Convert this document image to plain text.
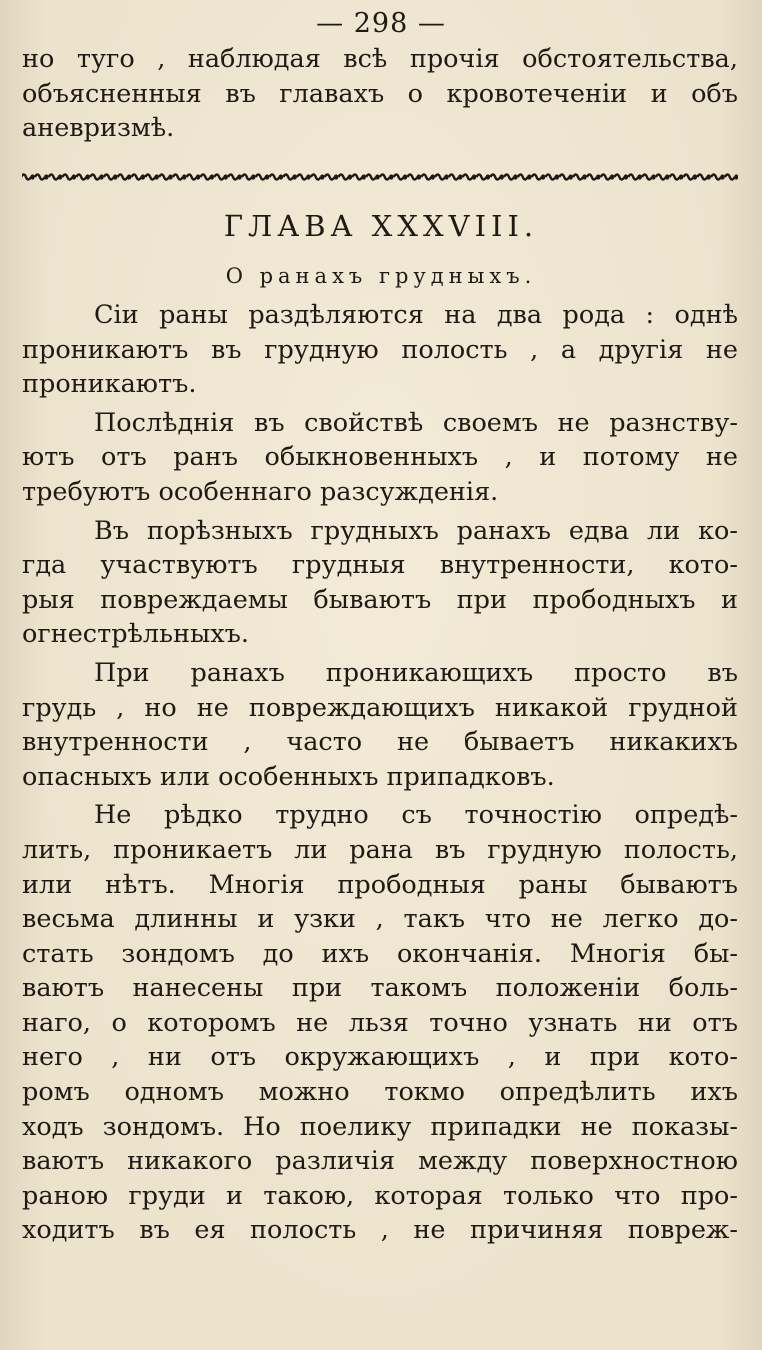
— 298 —
но туго , наблюдая всѣ прочія обстоятельства,
объясненныя въ главахъ о кровотеченіи и объ
аневризмѣ.
ГЛАВА XXXVIII.
О ранахъ грудныхъ.
Сіи раны раздѣляются на два рода : однѣ
проникаютъ въ грудную полость , а другія не
проникаютъ.
Послѣднія въ свойствѣ своемъ не разнству-
ютъ отъ ранъ обыкновенныхъ , и потому не
требуютъ особеннаго разсужденія.
Въ порѣзныхъ грудныхъ ранахъ едва ли ко-
гда участвуютъ грудныя внутренности, кото-
рыя повреждаемы бываютъ при прободныхъ и
огнестрѣльныхъ.
При ранахъ проникающихъ просто въ
грудь , но не повреждающихъ никакой грудной
внутренности , часто не бываетъ никакихъ
опасныхъ или особенныхъ припадковъ.
Не рѣдко трудно съ точностію опредѣ-
лить, проникаетъ ли рана въ грудную полость,
или нѣтъ. Многія прободныя раны бываютъ
весьма длинны и узки , такъ что не легко до-
стать зондомъ до ихъ окончанія. Многія бы-
ваютъ нанесены при такомъ положеніи боль-
наго, о которомъ не льзя точно узнать ни отъ
него , ни отъ окружающихъ , и при кото-
ромъ одномъ можно токмо опредѣлить ихъ
ходъ зондомъ. Но поелику припадки не показы-
ваютъ никакого различія между поверхностною
раною груди и такою, которая только что про-
ходитъ въ ея полость , не причиняя повреж-
